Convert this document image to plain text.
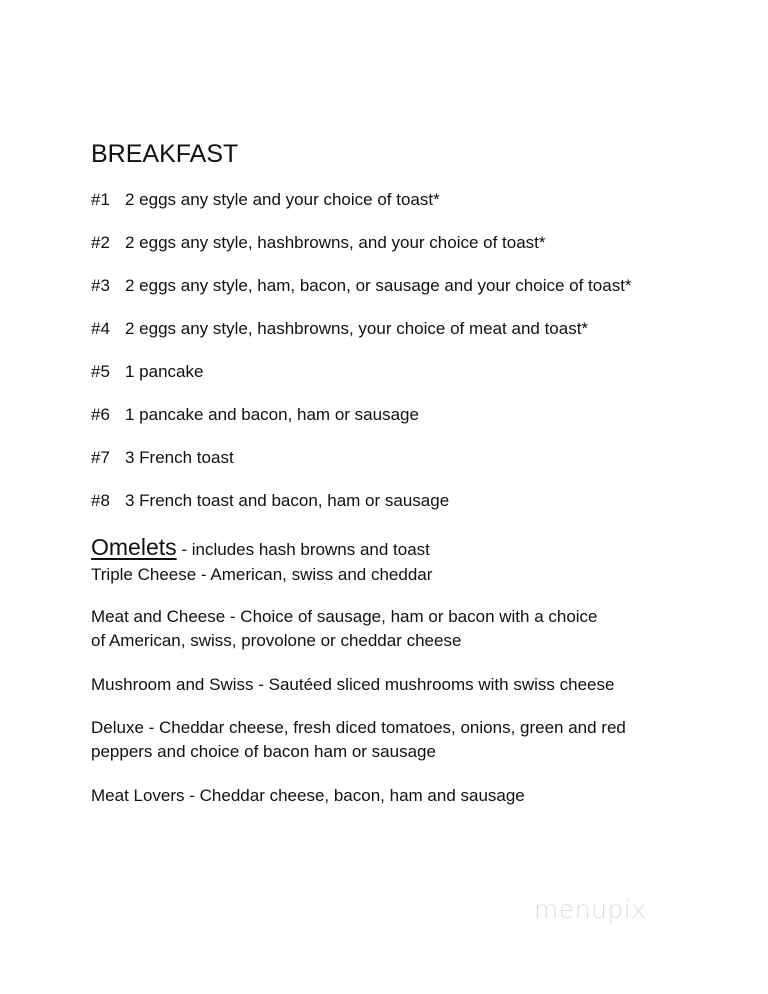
BREAKFAST
#1 2 eggs any style and your choice of toast*
#2 2 eggs any style, hashbrowns, and your choice of toast*
#3 2 eggs any style, ham, bacon, or sausage and your choice of toast*
#4 2 eggs any style, hashbrowns, your choice of meat and toast*
#5 1 pancake
#6 1 pancake and bacon, ham or sausage
#7 3 French toast
#8 3 French toast and bacon, ham or sausage
Omelets - includes hash browns and toast
Triple Cheese - American, swiss and cheddar
Meat and Cheese - Choice of sausage, ham or bacon with a choice
of American, swiss, provolone or cheddar cheese
Mushroom and Swiss - Sautéed sliced mushrooms with swiss cheese
Deluxe - Cheddar cheese, fresh diced tomatoes, onions, green and red
peppers and choice of bacon ham or sausage
Meat Lovers - Cheddar cheese, bacon, ham and sausage
menupix
